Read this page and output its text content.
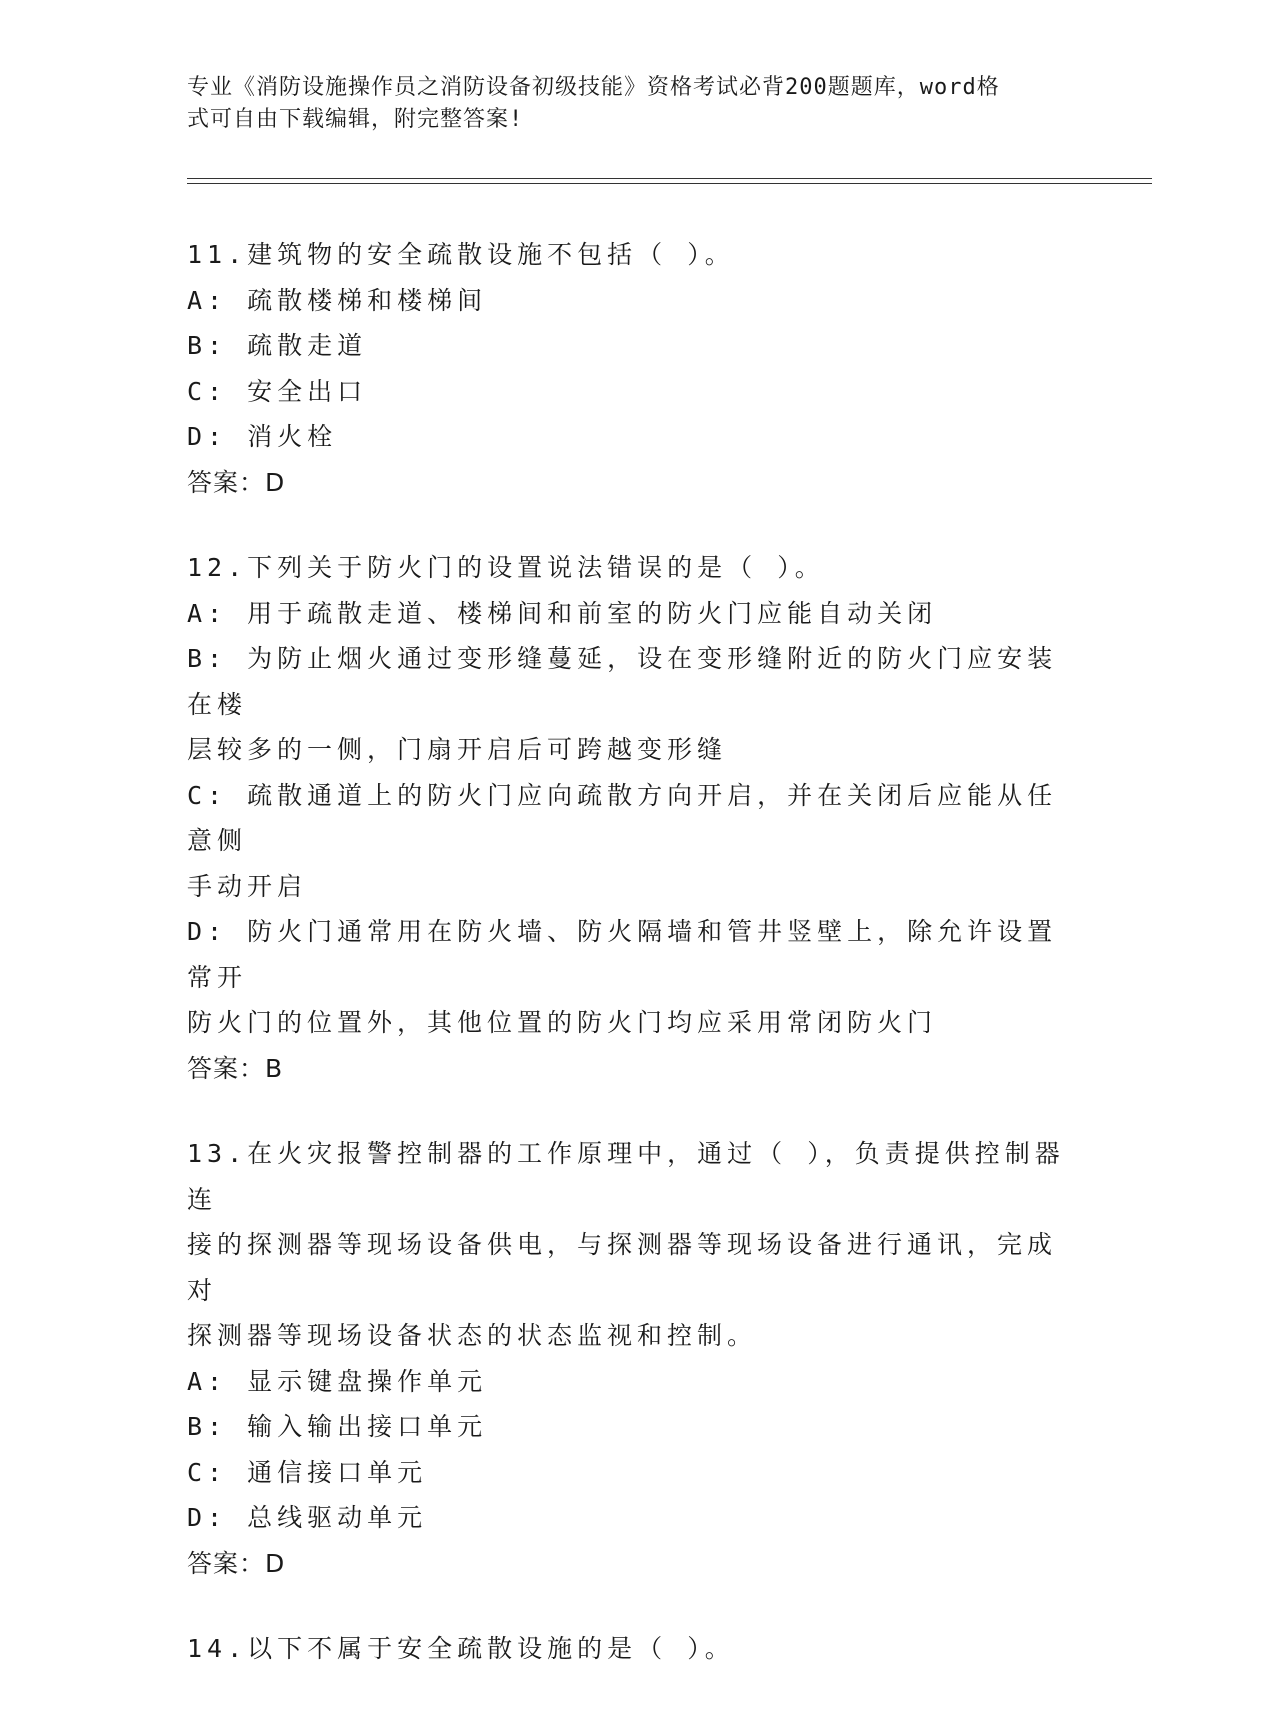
专业《消防设施操作员之消防设备初级技能》资格考试必背200题题库，word格
式可自由下载编辑，附完整答案!
11.建筑物的安全疏散设施不包括（ ）。
A: 疏散楼梯和楼梯间
B: 疏散走道
C: 安全出口
D: 消火栓
答案：D
12.下列关于防火门的设置说法错误的是（ ）。
A: 用于疏散走道、楼梯间和前室的防火门应能自动关闭
B: 为防止烟火通过变形缝蔓延，设在变形缝附近的防火门应安装在楼
层较多的一侧，门扇开启后可跨越变形缝
C: 疏散通道上的防火门应向疏散方向开启，并在关闭后应能从任意侧
手动开启
D: 防火门通常用在防火墙、防火隔墙和管井竖壁上，除允许设置常开
防火门的位置外，其他位置的防火门均应采用常闭防火门
答案：B
13.在火灾报警控制器的工作原理中，通过（ ），负责提供控制器连
接的探测器等现场设备供电，与探测器等现场设备进行通讯，完成对
探测器等现场设备状态的状态监视和控制。
A: 显示键盘操作单元
B: 输入输出接口单元
C: 通信接口单元
D: 总线驱动单元
答案：D
14.以下不属于安全疏散设施的是（ ）。
